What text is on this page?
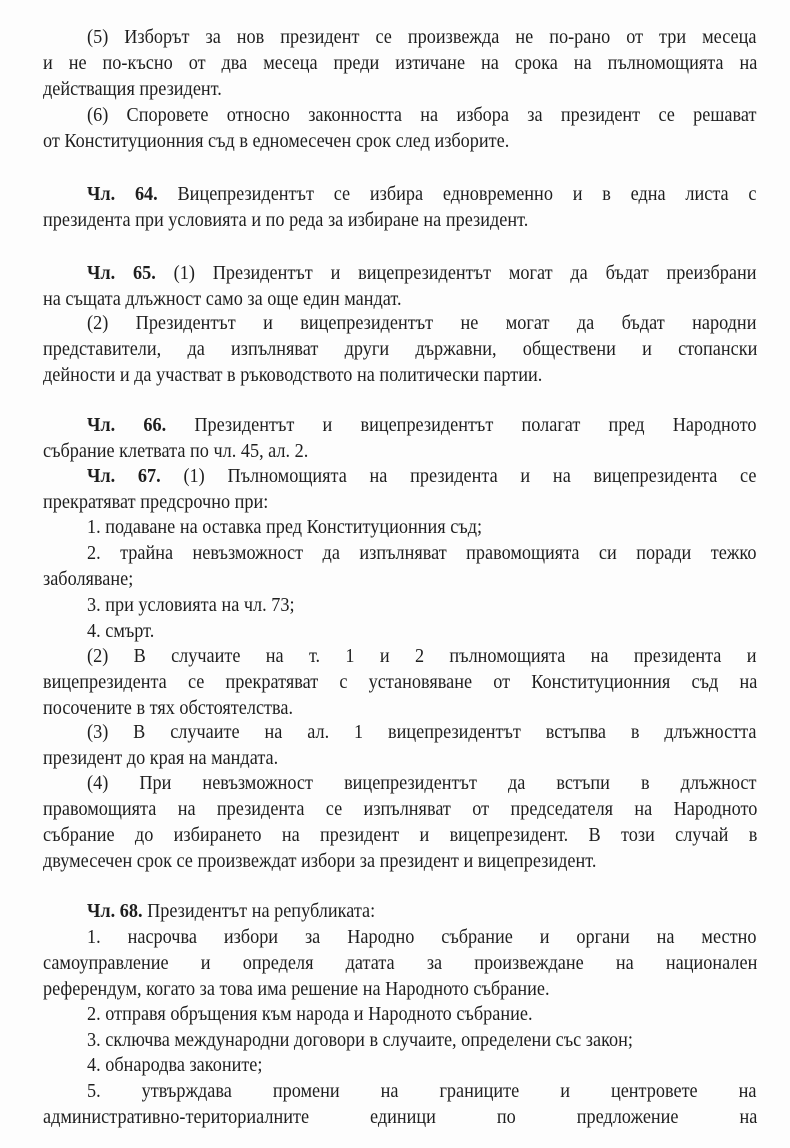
(5) Изборът за нов президент се произвежда не по-рано от три месеца
и не по-късно от два месеца преди изтичане на срока на пълномощията на
действащия президент.
(6) Споровете относно законността на избора за президент се решават
от Конституционния съд в едномесечен срок след изборите.
Чл. 64. Вицепрезидентът се избира едновременно и в една листа с
президента при условията и по реда за избиране на президент.
Чл. 65. (1) Президентът и вицепрезидентът могат да бъдат преизбрани
на същата длъжност само за още един мандат.
(2) Президентът и вицепрезидентът не могат да бъдат народни
представители, да изпълняват други държавни, обществени и стопански
дейности и да участват в ръководството на политически партии.
Чл. 66. Президентът и вицепрезидентът полагат пред Народното
събрание клетвата по чл. 45, ал. 2.
Чл. 67. (1) Пълномощията на президента и на вицепрезидента се
прекратяват предсрочно при:
1. подаване на оставка пред Конституционния съд;
2. трайна невъзможност да изпълняват правомощията си поради тежко
заболяване;
3. при условията на чл. 73;
4. смърт.
(2) В случаите на т. 1 и 2 пълномощията на президента и
вицепрезидента се прекратяват с установяване от Конституционния съд на
посочените в тях обстоятелства.
(3) В случаите на ал. 1 вицепрезидентът встъпва в длъжността
президент до края на мандата.
(4) При невъзможност вицепрезидентът да встъпи в длъжност
правомощията на президента се изпълняват от председателя на Народното
събрание до избирането на президент и вицепрезидент. В този случай в
двумесечен срок се произвеждат избори за президент и вицепрезидент.
Чл. 68. Президентът на републиката:
1. насрочва избори за Народно събрание и органи на местно
самоуправление и определя датата за произвеждане на национален
референдум, когато за това има решение на Народното събрание.
2. отправя обръщения към народа и Народното събрание.
3. сключва международни договори в случаите, определени със закон;
4. обнародва законите;
5. утвърждава промени на границите и центровете на
административно-териториалните единици по предложение на
